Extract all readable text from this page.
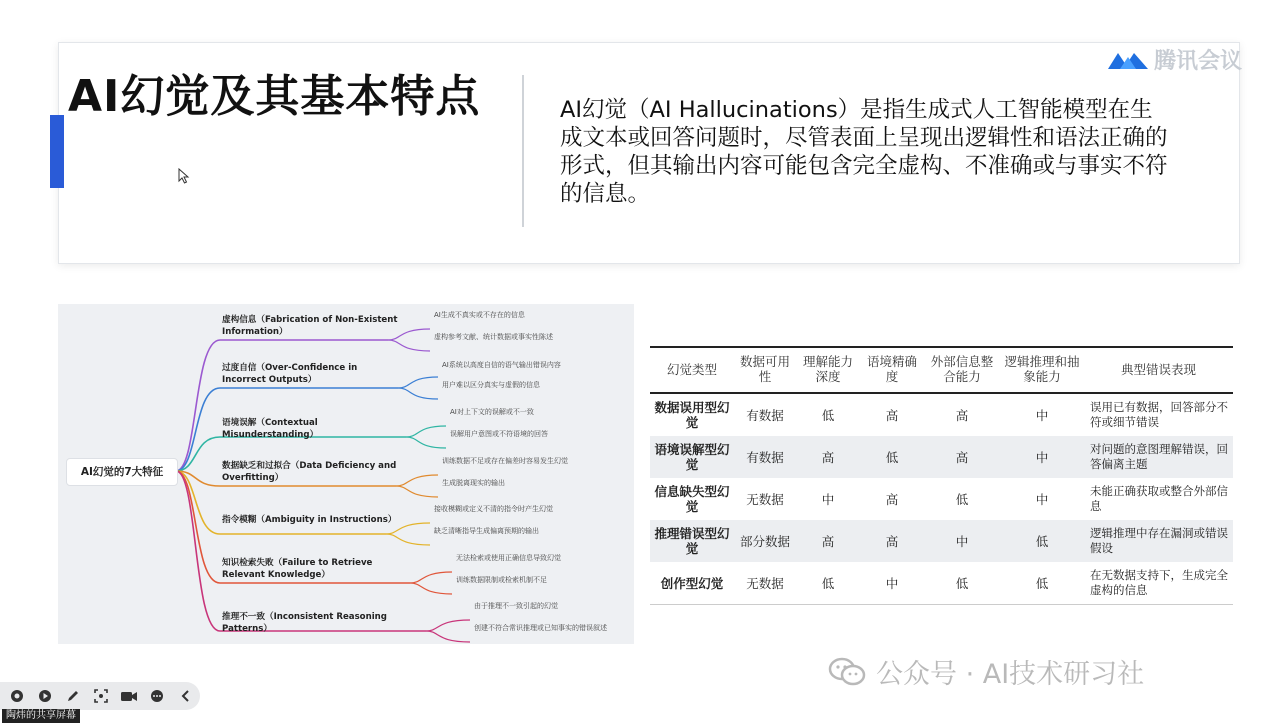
AI幻觉及其基本特点	AI幻觉（AI Hallucinations）是指生成式人工智能模型在生成文本或回答问题时，尽管表面上呈现出逻辑性和语法正确的形式，但其输出内容可能包含完全虚构、不准确或与事实不符的信息。
腾讯会议
AI幻觉的7大特征
虚构信息（Fabrication of Non-Existent Information）
AI生成不真实或不存在的信息
虚构参考文献、统计数据或事实性陈述
过度自信（Over-Confidence in Incorrect Outputs）
AI系统以高度自信的语气输出错误内容
用户难以区分真实与虚假的信息
语境误解（Contextual Misunderstanding）
AI对上下文的误解或不一致
误解用户意图或不符语境的回答
数据缺乏和过拟合（Data Deficiency and Overfitting）
训练数据不足或存在偏差时容易发生幻觉
生成脱离现实的输出
指令模糊（Ambiguity in Instructions）
接收模糊或定义不清的指令时产生幻觉
缺乏清晰指导生成偏离预期的输出
知识检索失败（Failure to Retrieve Relevant Knowledge）
无法检索或使用正确信息导致幻觉
训练数据限制或检索机制不足
推理不一致（Inconsistent Reasoning Patterns）
由于推理不一致引起的幻觉
创建不符合常识推理或已知事实的错误叙述
幻觉类型	数据可用性	理解能力深度	语境精确度	外部信息整合能力	逻辑推理和抽象能力	典型错误表现
数据误用型幻觉	有数据	低	高	高	中	误用已有数据，回答部分不符或细节错误
语境误解型幻觉	有数据	高	低	高	中	对问题的意图理解错误，回答偏离主题
信息缺失型幻觉	无数据	中	高	低	中	未能正确获取或整合外部信息
推理错误型幻觉	部分数据	高	高	中	低	逻辑推理中存在漏洞或错误假设
创作型幻觉	无数据	低	中	低	低	在无数据支持下，生成完全虚构的信息
公众号 · AI技术研习社
陶炜的共享屏幕
